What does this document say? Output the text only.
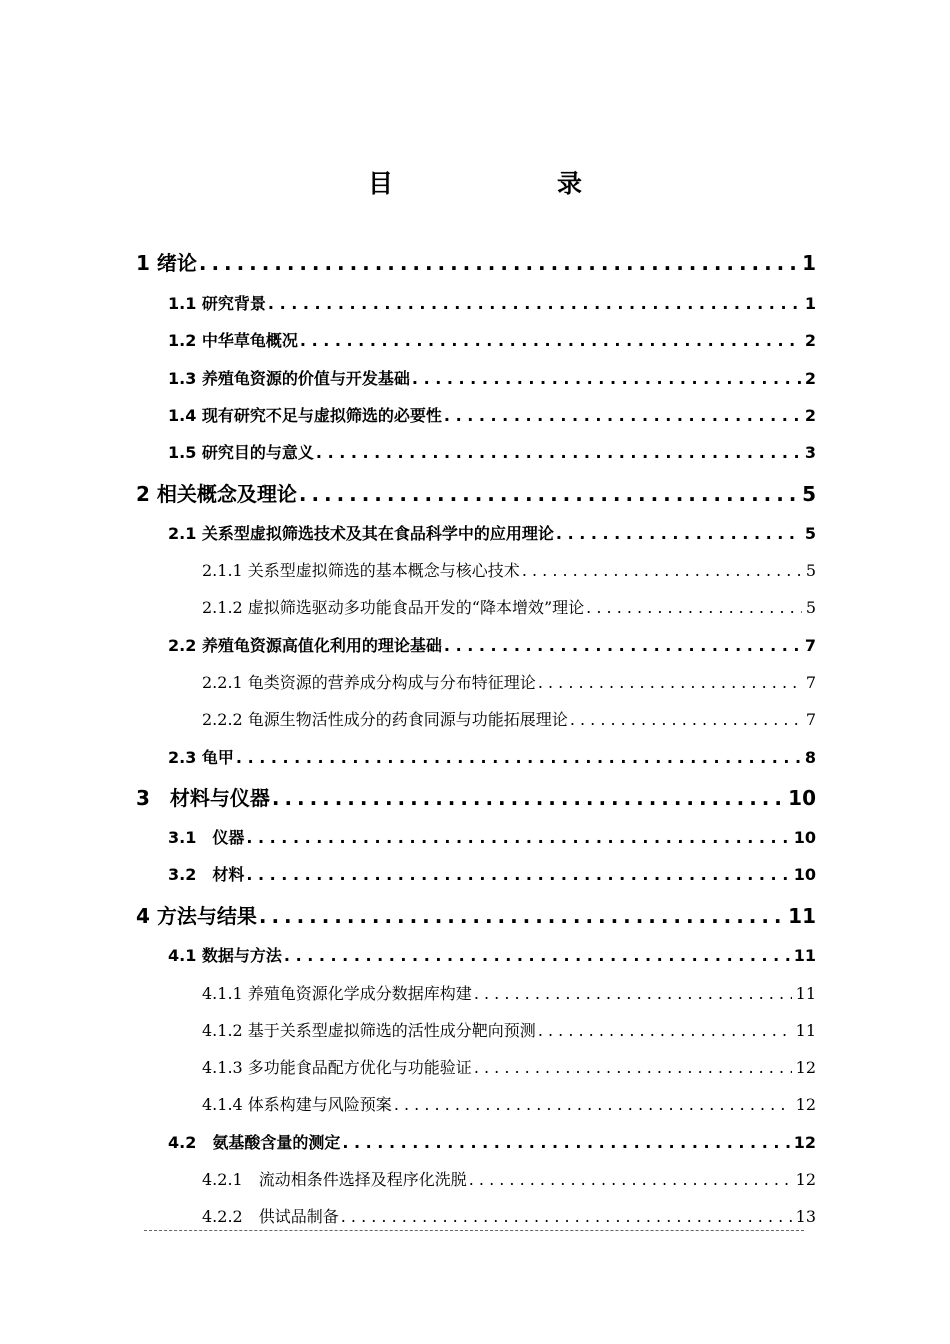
目　　录
1 绪论 . . .	1
1.1 研究背景 . . .	1
1.2 中华草龟概况 . . .	2
1.3 养殖龟资源的价值与开发基础 . . .	2
1.4 现有研究不足与虚拟筛选的必要性 . . .	2
1.5 研究目的与意义 . . .	3
2 相关概念及理论 . . .	5
2.1 关系型虚拟筛选技术及其在食品科学中的应用理论 . . .	5
2.1.1 关系型虚拟筛选的基本概念与核心技术 . . .	5
2.1.2 虚拟筛选驱动多功能食品开发的“降本增效”理论 . . .	5
2.2 养殖龟资源高值化利用的理论基础 . . .	7
2.2.1 龟类资源的营养成分构成与分布特征理论 . . .	7
2.2.2 龟源生物活性成分的药食同源与功能拓展理论 . . .	7
2.3 龟甲 . . .	8
3　材料与仪器 . . .	10
3.1　仪器 . . .	10
3.2　材料 . . .	10
4 方法与结果 . . .	11
4.1 数据与方法 . . .	11
4.1.1 养殖龟资源化学成分数据库构建 . . .	11
4.1.2 基于关系型虚拟筛选的活性成分靶向预测 . . .	11
4.1.3 多功能食品配方优化与功能验证 . . .	12
4.1.4 体系构建与风险预案 . . .	12
4.2　氨基酸含量的测定 . . .	12
4.2.1　流动相条件选择及程序化洗脱 . . .	12
4.2.2　供试品制备 . . .	13
